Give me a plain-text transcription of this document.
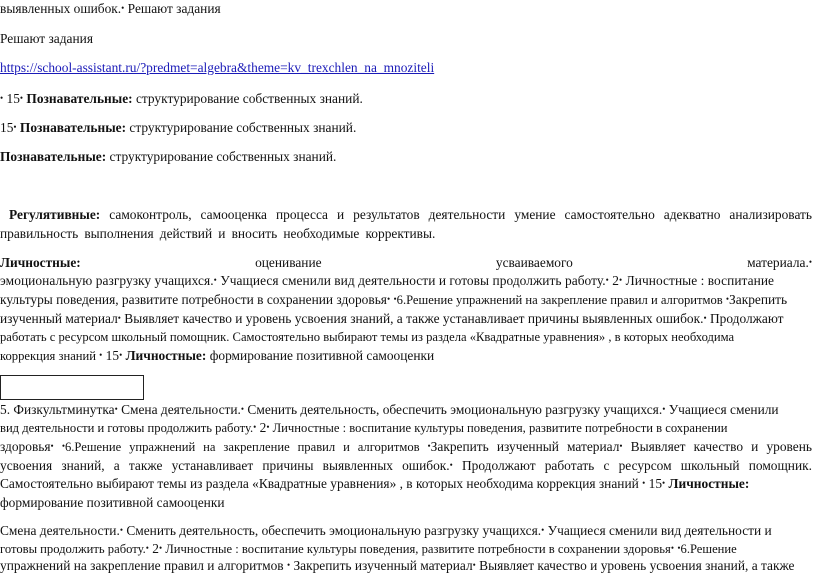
выявленных ошибок.• Решают задания
Решают задания
https://school-assistant.ru/?predmet=algebra&theme=kv_trexchlen_na_mnoziteli
• 15• Познавательные: структурирование собственных знаний.
15• Познавательные: структурирование собственных знаний.
Познавательные: структурирование собственных знаний.
Регулятивные: самоконтроль, самооценка процесса и результатов деятельности умение самостоятельно адекватно анализировать правильность выполнения действий и вносить необходимые коррективы.
Личностные:	оценивание	усваиваемого	материала.•
эмоциональную разгрузку учащихся.• Учащиеся сменили вид деятельности и готовы продолжить работу.• 2• Личностные : воспитание
культуры поведения, развитите потребности в сохранении здоровья• •6.Решение упражнений на закрепление правил и алгоритмов •Закрепить
изученный материал• Выявляет качество и уровень усвоения знаний, а также устанавливает причины выявленных ошибок.• Продолжают
работать с ресурсом школьный помощник. Самостоятельно выбирают темы из раздела «Квадратные уравнения» , в которых необходима
коррекция знаний • 15• Личностные: формирование позитивной самооценки
5. Физкультминутка• Смена деятельности.• Сменить деятельность, обеспечить эмоциональную разгрузку учащихся.• Учащиеся сменили
вид деятельности и готовы продолжить работу.• 2• Личностные : воспитание культуры поведения, развитите потребности в сохранении
здоровья• •6.Решение упражнений на закрепление правил и алгоритмов •Закрепить изученный материал• Выявляет качество и уровень
усвоения знаний, а также устанавливает причины выявленных ошибок.• Продолжают работать с ресурсом школьный помощник.
Самостоятельно выбирают темы из раздела «Квадратные уравнения» , в которых необходима коррекция знаний • 15• Личностные:
формирование позитивной самооценки
Смена деятельности.• Сменить деятельность, обеспечить эмоциональную разгрузку учащихся.• Учащиеся сменили вид деятельности и
готовы продолжить работу.• 2• Личностные : воспитание культуры поведения, развитите потребности в сохранении здоровья• •6.Решение
упражнений на закрепление правил и алгоритмов • Закрепить изученный материал• Выявляет качество и уровень усвоения знаний, а также
